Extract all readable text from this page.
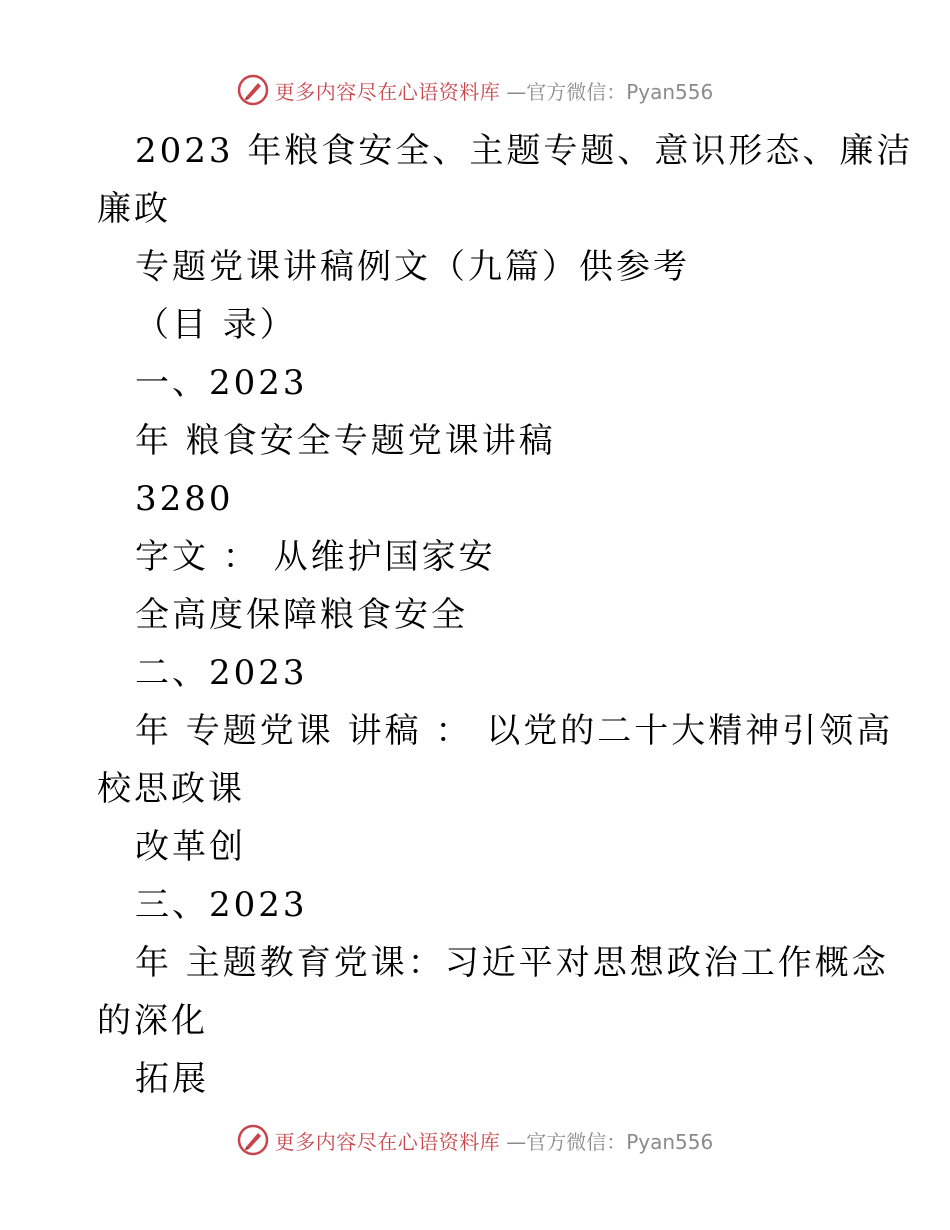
更多内容尽在心语资料库 —官方微信：Pyan556
2023 年粮食安全、主题专题、意识形态、廉洁
廉政
专题党课讲稿例文（九篇）供参考
（目 录）
一、2023
年 粮食安全专题党课讲稿
3280
字文 ： 从维护国家安
全高度保障粮食安全
二、2023
年 专题党课 讲稿 ： 以党的二十大精神引领高
校思政课
改革创
三、2023
年 主题教育党课：习近平对思想政治工作概念
的深化
拓展
更多内容尽在心语资料库 —官方微信：Pyan556
